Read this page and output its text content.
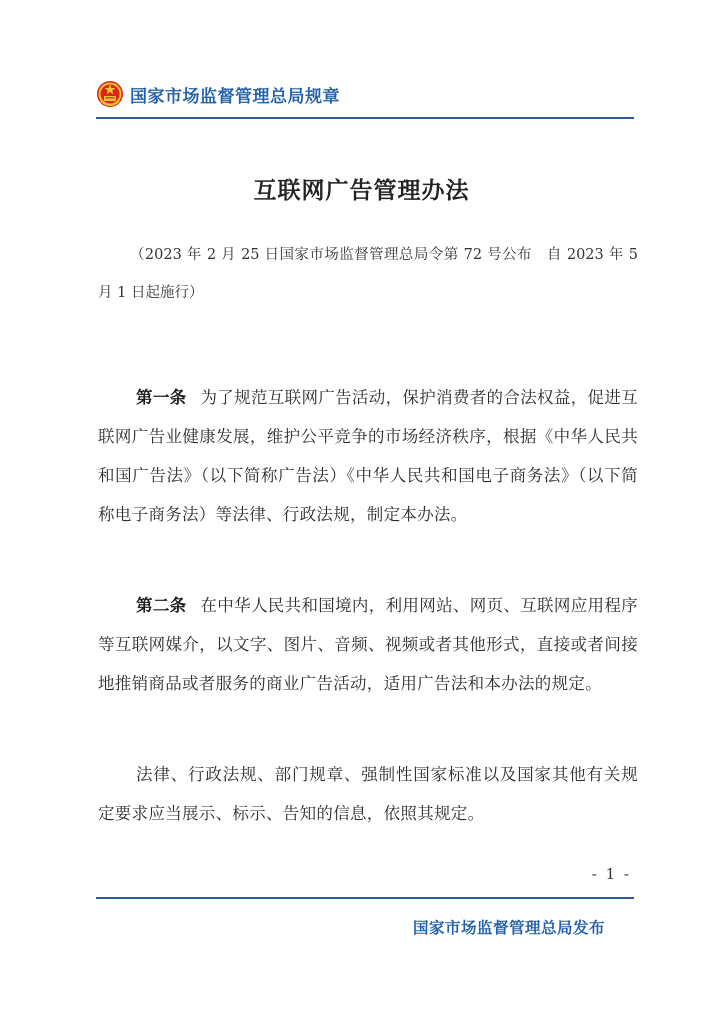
国家市场监督管理总局规章
互联网广告管理办法
（2023 年 2 月 25 日国家市场监督管理总局令第 72 号公布　自 2023 年 5 月 1 日起施行）
第一条 为了规范互联网广告活动，保护消费者的合法权益，促进互联网广告业健康发展，维护公平竞争的市场经济秩序，根据《中华人民共和国广告法》（以下简称广告法）《中华人民共和国电子商务法》（以下简称电子商务法）等法律、行政法规，制定本办法。
第二条 在中华人民共和国境内，利用网站、网页、互联网应用程序等互联网媒介，以文字、图片、音频、视频或者其他形式，直接或者间接地推销商品或者服务的商业广告活动，适用广告法和本办法的规定。
法律、行政法规、部门规章、强制性国家标准以及国家其他有关规定要求应当展示、标示、告知的信息，依照其规定。
- 1 -
国家市场监督管理总局发布
